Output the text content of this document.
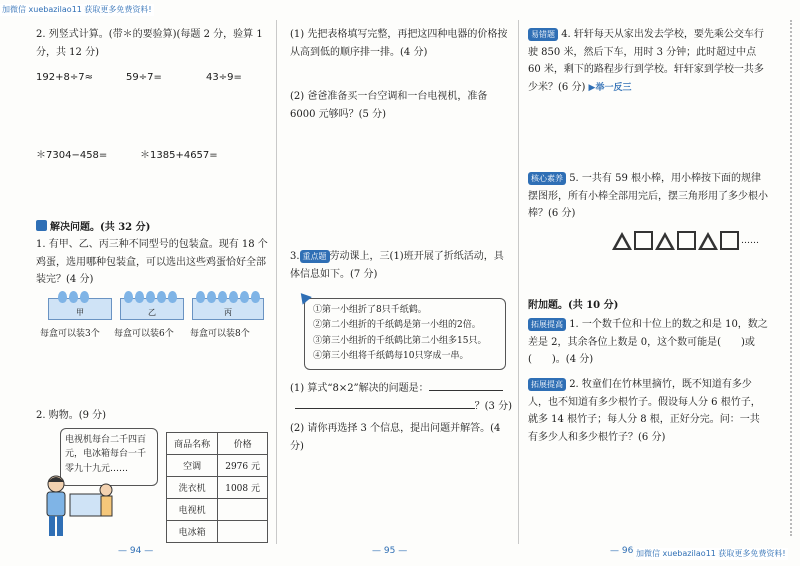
加微信 xuebazilao11 获取更多免费资料!
加微信 xuebazilao11 获取更多免费资料!
2. 列竖式计算。(带＊的要验算)(每题 2 分，验算 1 分，共 12 分)
192+8÷7≈	59÷7=	43÷9=
＊7304−458=	＊1385+4657=
解决问题。(共 32 分)
1. 有甲、乙、丙三种不同型号的包装盒。现有 18 个鸡蛋，选用哪种包装盒，可以选出这些鸡蛋恰好全部装完？(4 分)
甲	乙	丙
每盒可以装3个 每盒可以装6个 每盒可以装8个
2. 购物。(9 分)
电视机每台二千四百元，电冰箱每台一千零九十九元……
商品名称	价格
空调	2976 元
洗衣机	1008 元
电视机	
电冰箱	
— 94 —
(1) 先把表格填写完整，再把这四种电器的价格按从高到低的顺序排一排。(4 分)
(2) 爸爸准备买一台空调和一台电视机，准备 6000 元够吗？(5 分)
3. 重点题 劳动课上，三(1)班开展了折纸活动，具体信息如下。(7 分)
①第一小组折了8只千纸鹤。
②第二小组折的千纸鹤是第一小组的2倍。
③第三小组折的千纸鹤比第二小组多15只。
④第三小组将千纸鹤每10只穿成一串。
(1) 算式“8×2”解决的问题是：
？(3 分)
(2) 请你再选择 3 个信息，提出问题并解答。(4 分)
— 95 —
易错题 4. 轩轩每天从家出发去学校，要先乘公交车行驶 850 米，然后下车，用时 3 分钟；此时超过中点 60 米，剩下的路程步行到学校。轩轩家到学校一共多少米？(6 分) ▶举一反三
核心素养 5. 一共有 59 根小棒，用小棒按下面的规律摆图形，所有小棒全部用完后，摆三角形用了多少根小棒？(6 分)
……
附加题。(共 10 分)
拓展提高 1. 一个数千位和十位上的数之和是 10，数之差是 2，其余各位上数是 0，这个数可能是(　　)或(　　)。(4 分)
拓展提高 2. 牧童们在竹林里摘竹，既不知道有多少人，也不知道有多少根竹子。假设每人分 6 根竹子，就多 14 根竹子；每人分 8 根，正好分完。问：一共有多少人和多少根竹子？(6 分)
— 96
